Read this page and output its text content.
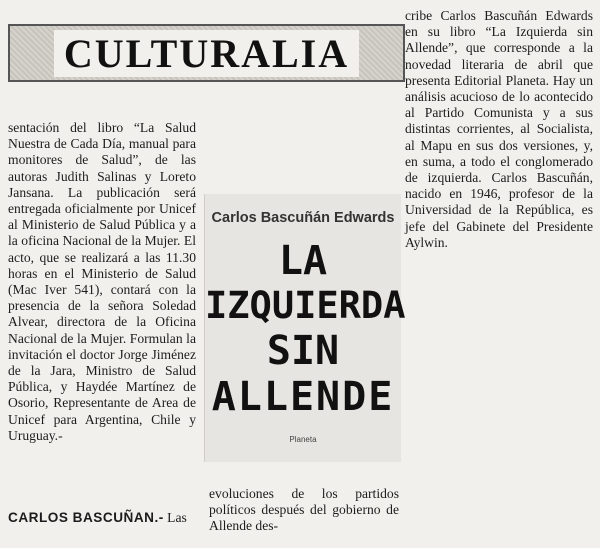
CULTURALIA

sentación del libro “La Salud Nuestra de Cada Día, manual para monitores de Salud”, de las autoras Judith Salinas y Loreto Jansana. La publicación será entregada oficialmente por Unicef al Ministerio de Salud Pública y a la oficina Nacional de la Mujer. El acto, que se realizará a las 11.30 horas en el Ministerio de Salud (Mac Iver 541), contará con la presencia de la señora Soledad Alvear, directora de la Oficina Nacional de la Mujer. Formulan la invitación el doctor Jorge Jiménez de la Jara, Ministro de Salud Pública, y Haydée Martínez de Osorio, Representante de Area de Unicef para Argentina, Chile y Uruguay.-

CARLOS BASCUÑAN.- Las
Carlos Bascuñán Edwards
LA
IZQUIERDA
SIN
ALLENDE
Planeta

evoluciones de los partidos políticos después del gobierno de Allende des-

cribe Carlos Bascuñán Edwards en su libro “La Izquierda sin Allende”, que corresponde a la novedad literaria de abril que presenta Editorial Planeta. Hay un análisis acucioso de lo acontecido al Partido Comunista y a sus distintas corrientes, al Socialista, al Mapu en sus dos versiones, y, en suma, a todo el conglomerado de izquierda. Carlos Bascuñán, nacido en 1946, profesor de la Universidad de la República, es jefe del Gabinete del Presidente Aylwin.
